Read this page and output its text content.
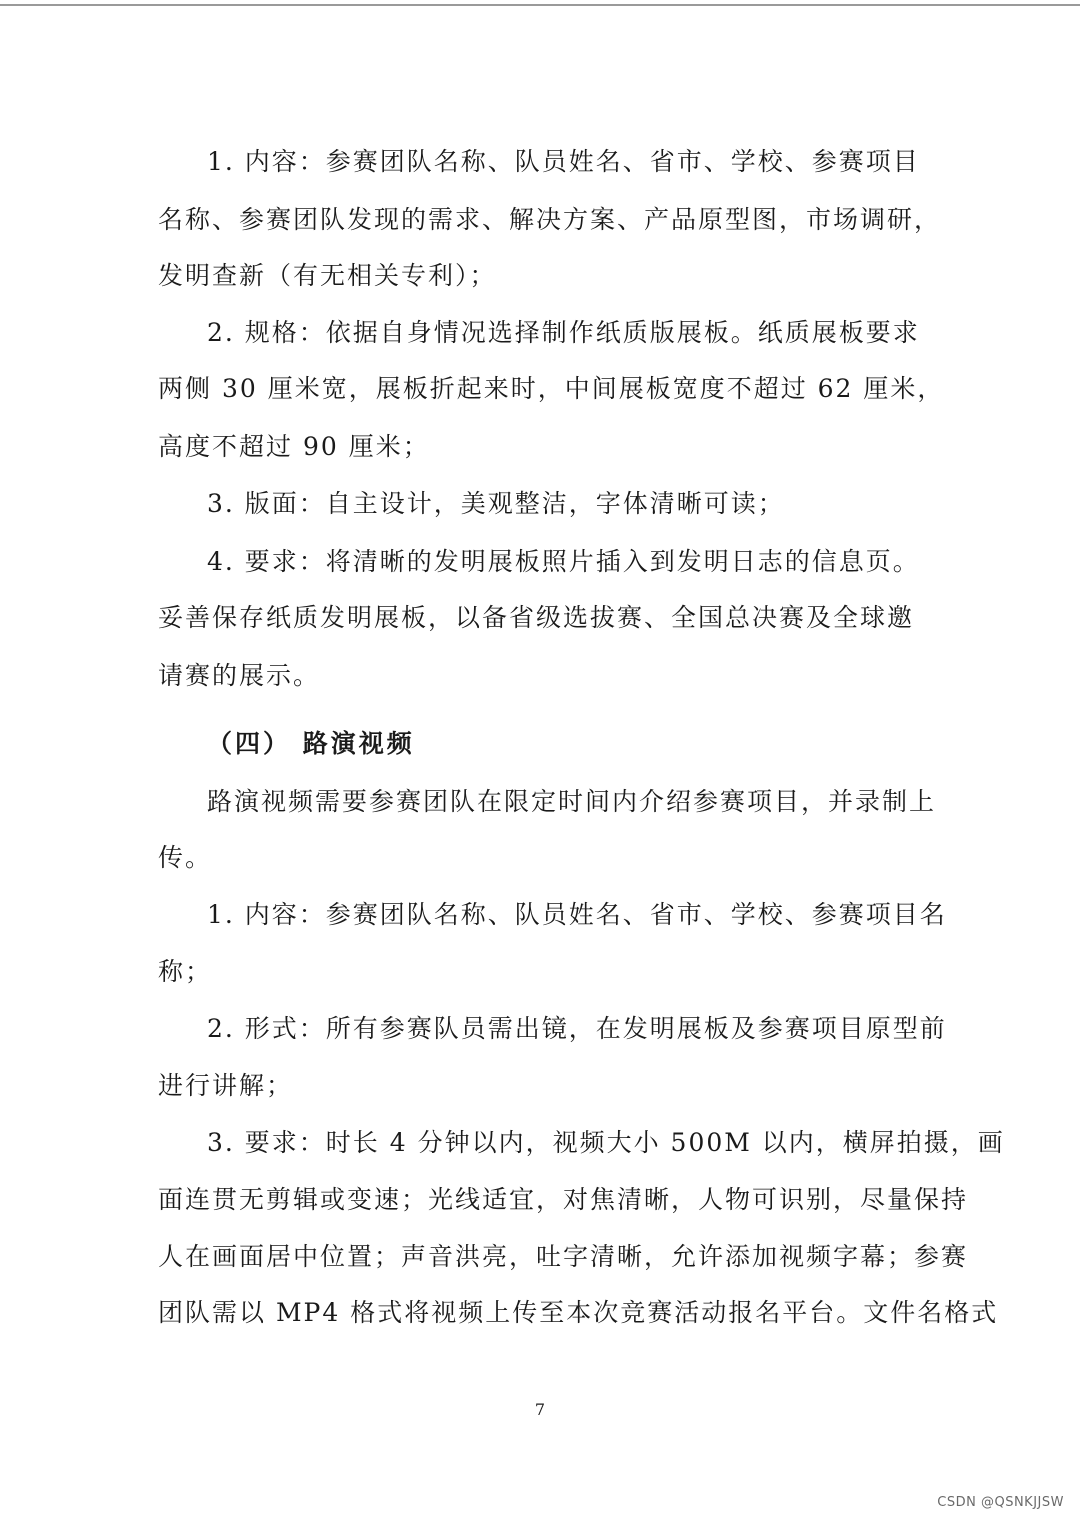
1. 内容：参赛团队名称、队员姓名、省市、学校、参赛项目
名称、参赛团队发现的需求、解决方案、产品原型图，市场调研，
发明查新（有无相关专利）；
2. 规格：依据自身情况选择制作纸质版展板。纸质展板要求
两侧 30 厘米宽，展板折起来时，中间展板宽度不超过 62 厘米，
高度不超过 90 厘米；
3. 版面：自主设计，美观整洁，字体清晰可读；
4. 要求：将清晰的发明展板照片插入到发明日志的信息页。
妥善保存纸质发明展板，以备省级选拔赛、全国总决赛及全球邀
请赛的展示。
（四） 路演视频
路演视频需要参赛团队在限定时间内介绍参赛项目，并录制上
传。
1. 内容：参赛团队名称、队员姓名、省市、学校、参赛项目名
称；
2. 形式：所有参赛队员需出镜，在发明展板及参赛项目原型前
进行讲解；
3. 要求：时长 4 分钟以内，视频大小 500M 以内，横屏拍摄，画
面连贯无剪辑或变速；光线适宜，对焦清晰，人物可识别，尽量保持
人在画面居中位置；声音洪亮，吐字清晰，允许添加视频字幕；参赛
团队需以 MP4 格式将视频上传至本次竞赛活动报名平台。文件名格式
7
CSDN @QSNKJJSW
